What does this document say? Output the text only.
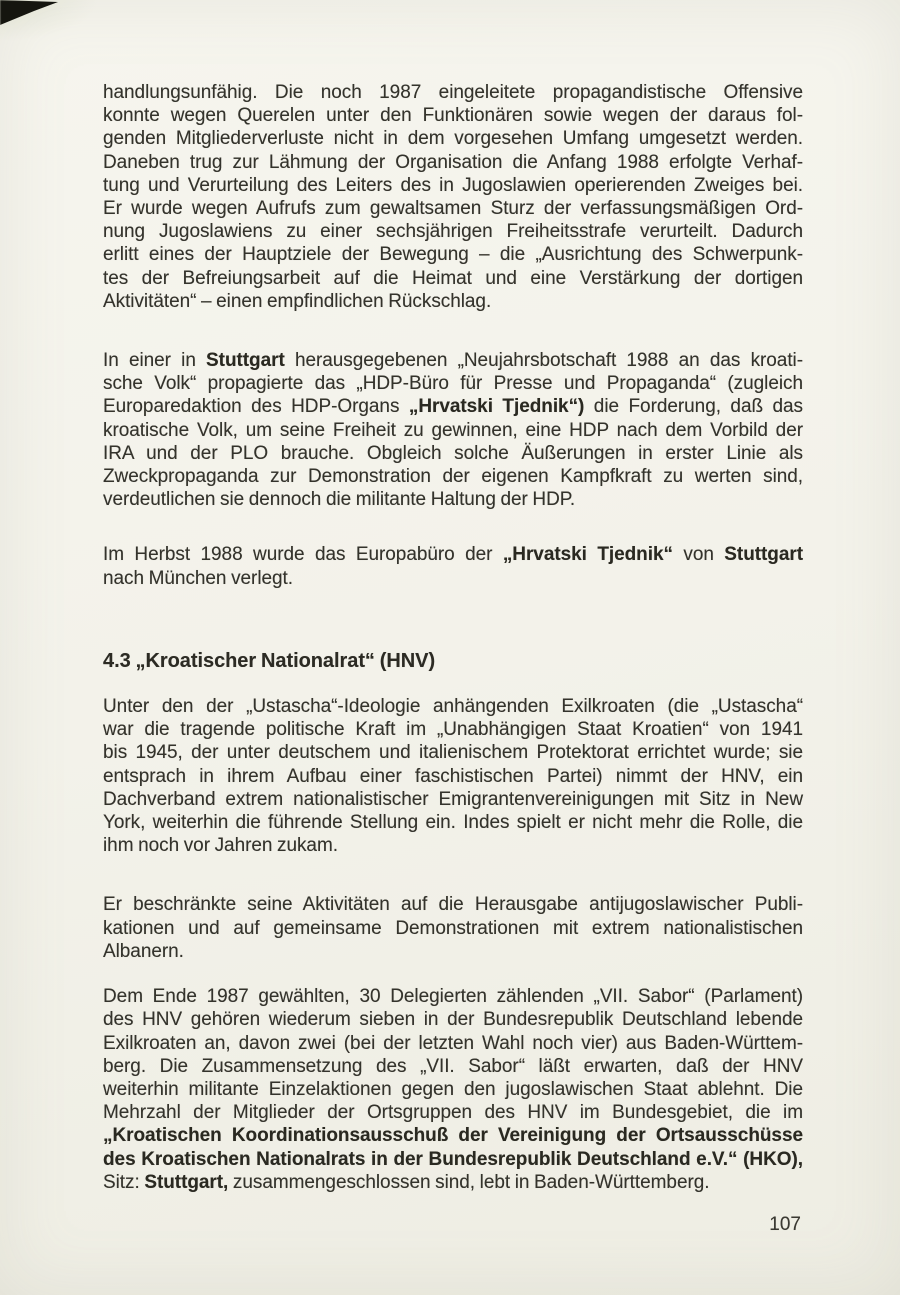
handlungsunfähig. Die noch 1987 eingeleitete propagandistische Offensive
konnte wegen Querelen unter den Funktionären sowie wegen der daraus fol-
genden Mitgliederverluste nicht in dem vorgesehen Umfang umgesetzt werden.
Daneben trug zur Lähmung der Organisation die Anfang 1988 erfolgte Verhaf-
tung und Verurteilung des Leiters des in Jugoslawien operierenden Zweiges bei.
Er wurde wegen Aufrufs zum gewaltsamen Sturz der verfassungsmäßigen Ord-
nung Jugoslawiens zu einer sechsjährigen Freiheitsstrafe verurteilt. Dadurch
erlitt eines der Hauptziele der Bewegung – die „Ausrichtung des Schwerpunk-
tes der Befreiungsarbeit auf die Heimat und eine Verstärkung der dortigen
Aktivitäten“ – einen empfindlichen Rückschlag.

In einer in Stuttgart herausgegebenen „Neujahrsbotschaft 1988 an das kroati-
sche Volk“ propagierte das „HDP-Büro für Presse und Propaganda“ (zugleich
Europaredaktion des HDP-Organs „Hrvatski Tjednik“) die Forderung, daß das
kroatische Volk, um seine Freiheit zu gewinnen, eine HDP nach dem Vorbild der
IRA und der PLO brauche. Obgleich solche Äußerungen in erster Linie als
Zweckpropaganda zur Demonstration der eigenen Kampfkraft zu werten sind,
verdeutlichen sie dennoch die militante Haltung der HDP.

Im Herbst 1988 wurde das Europabüro der „Hrvatski Tjednik“ von Stuttgart
nach München verlegt.

4.3 „Kroatischer Nationalrat“ (HNV)

Unter den der „Ustascha“-Ideologie anhängenden Exilkroaten (die „Ustascha“
war die tragende politische Kraft im „Unabhängigen Staat Kroatien“ von 1941
bis 1945, der unter deutschem und italienischem Protektorat errichtet wurde; sie
entsprach in ihrem Aufbau einer faschistischen Partei) nimmt der HNV, ein
Dachverband extrem nationalistischer Emigrantenvereinigungen mit Sitz in New
York, weiterhin die führende Stellung ein. Indes spielt er nicht mehr die Rolle, die
ihm noch vor Jahren zukam.

Er beschränkte seine Aktivitäten auf die Herausgabe antijugoslawischer Publi-
kationen und auf gemeinsame Demonstrationen mit extrem nationalistischen
Albanern.

Dem Ende 1987 gewählten, 30 Delegierten zählenden „VII. Sabor“ (Parlament)
des HNV gehören wiederum sieben in der Bundesrepublik Deutschland lebende
Exilkroaten an, davon zwei (bei der letzten Wahl noch vier) aus Baden-Württem-
berg. Die Zusammensetzung des „VII. Sabor“ läßt erwarten, daß der HNV
weiterhin militante Einzelaktionen gegen den jugoslawischen Staat ablehnt. Die
Mehrzahl der Mitglieder der Ortsgruppen des HNV im Bundesgebiet, die im
„Kroatischen Koordinationsausschuß der Vereinigung der Ortsausschüsse
des Kroatischen Nationalrats in der Bundesrepublik Deutschland e.V.“ (HKO),
Sitz: Stuttgart, zusammengeschlossen sind, lebt in Baden-Württemberg.

107
